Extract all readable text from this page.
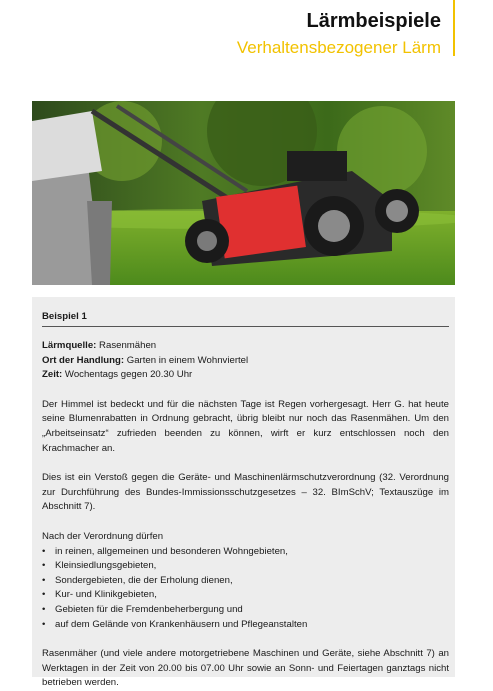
Lärmbeispiele
Verhaltensbezogener Lärm
Beispiel 1

Lärmquelle: Rasenmähen

Ort der Handlung: Garten in einem Wohnviertel

Zeit: Wochentags gegen 20.30 Uhr

Der Himmel ist bedeckt und für die nächsten Tage ist Regen vorhergesagt. Herr G. hat heute seine Blumenrabatten in Ordnung gebracht, übrig bleibt nur noch das Rasenmähen. Um den „Arbeitseinsatz“ zufrieden beenden zu können, wirft er kurz entschlossen noch den Krachmacher an.

Dies ist ein Verstoß gegen die Geräte- und Maschinenlärmschutzverordnung (32. Verordnung zur Durchführung des Bundes-Immissionsschutzgesetzes – 32. BImSchV; Textauszüge im Abschnitt 7).

Nach der Verordnung dürfen

• in reinen, allgemeinen und besonderen Wohngebieten,
• Kleinsiedlungsgebieten,
• Sondergebieten, die der Erholung dienen,
• Kur- und Klinikgebieten,
• Gebieten für die Fremdenbeherbergung und
• auf dem Gelände von Krankenhäusern und Pflegeanstalten

Rasenmäher (und viele andere motorgetriebene Maschinen und Geräte, siehe Abschnitt 7) an Werktagen in der Zeit von 20.00 bis 07.00 Uhr sowie an Sonn- und Feiertagen ganztags nicht betrieben werden.
